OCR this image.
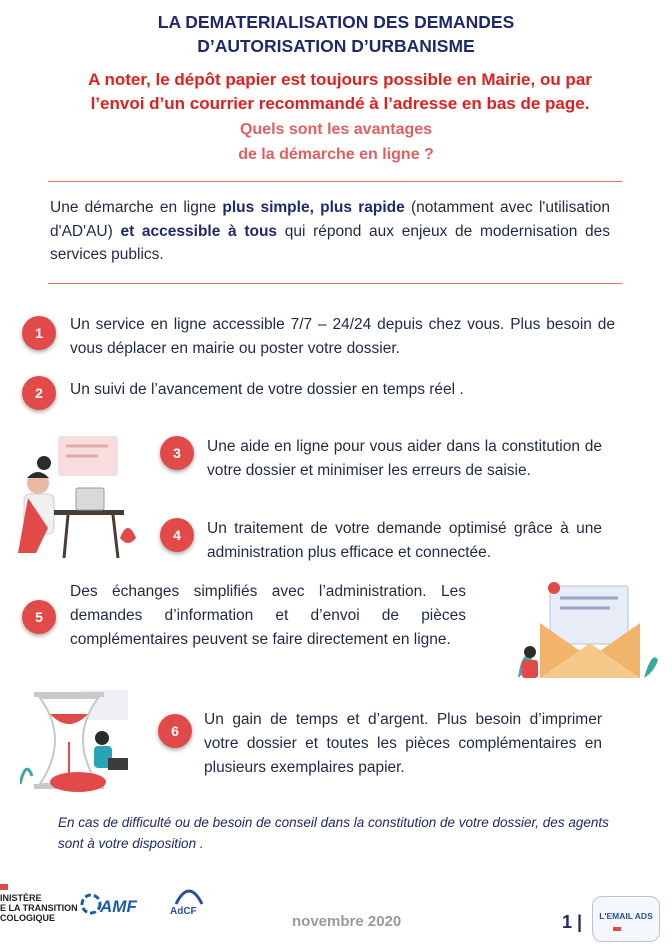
LA DEMATERIALISATION DES DEMANDES
D’AUTORISATION D’URBANISME
A noter, le dépôt papier est toujours possible en Mairie, ou par
l’envoi d’un courrier recommandé à l’adresse en bas de page.
Quels sont les avantages
de la démarche en ligne ?
Une démarche en ligne plus simple, plus rapide (notamment avec l'utilisation d'AD'AU) et accessible à tous qui répond aux enjeux de modernisation des services publics.
1	Un service en ligne accessible 7/7 – 24/24 depuis chez vous. Plus besoin de vous déplacer en mairie ou poster votre dossier.
2	Un suivi de l’avancement de votre dossier en temps réel .
3	Une aide en ligne pour vous aider dans la constitution de votre dossier et minimiser les erreurs de saisie.
4	Un traitement de votre demande optimisé grâce à une administration plus efficace et connectée.
5
Des échanges simplifiés avec l’administration. Les demandes d’information et d’envoi de pièces complémentaires peuvent se faire directement en ligne.
6
Un gain de temps et d’argent. Plus besoin d’imprimer votre dossier et toutes les pièces complémentaires en plusieurs exemplaires papier.
En cas de difficulté ou de besoin de conseil dans la constitution de votre dossier, des agents sont à votre disposition .
INISTÈRE
E LA TRANSITION
COLOGIQUE
AMF	AdCF
novembre 2020	1 |	L'EMAIL ADS
